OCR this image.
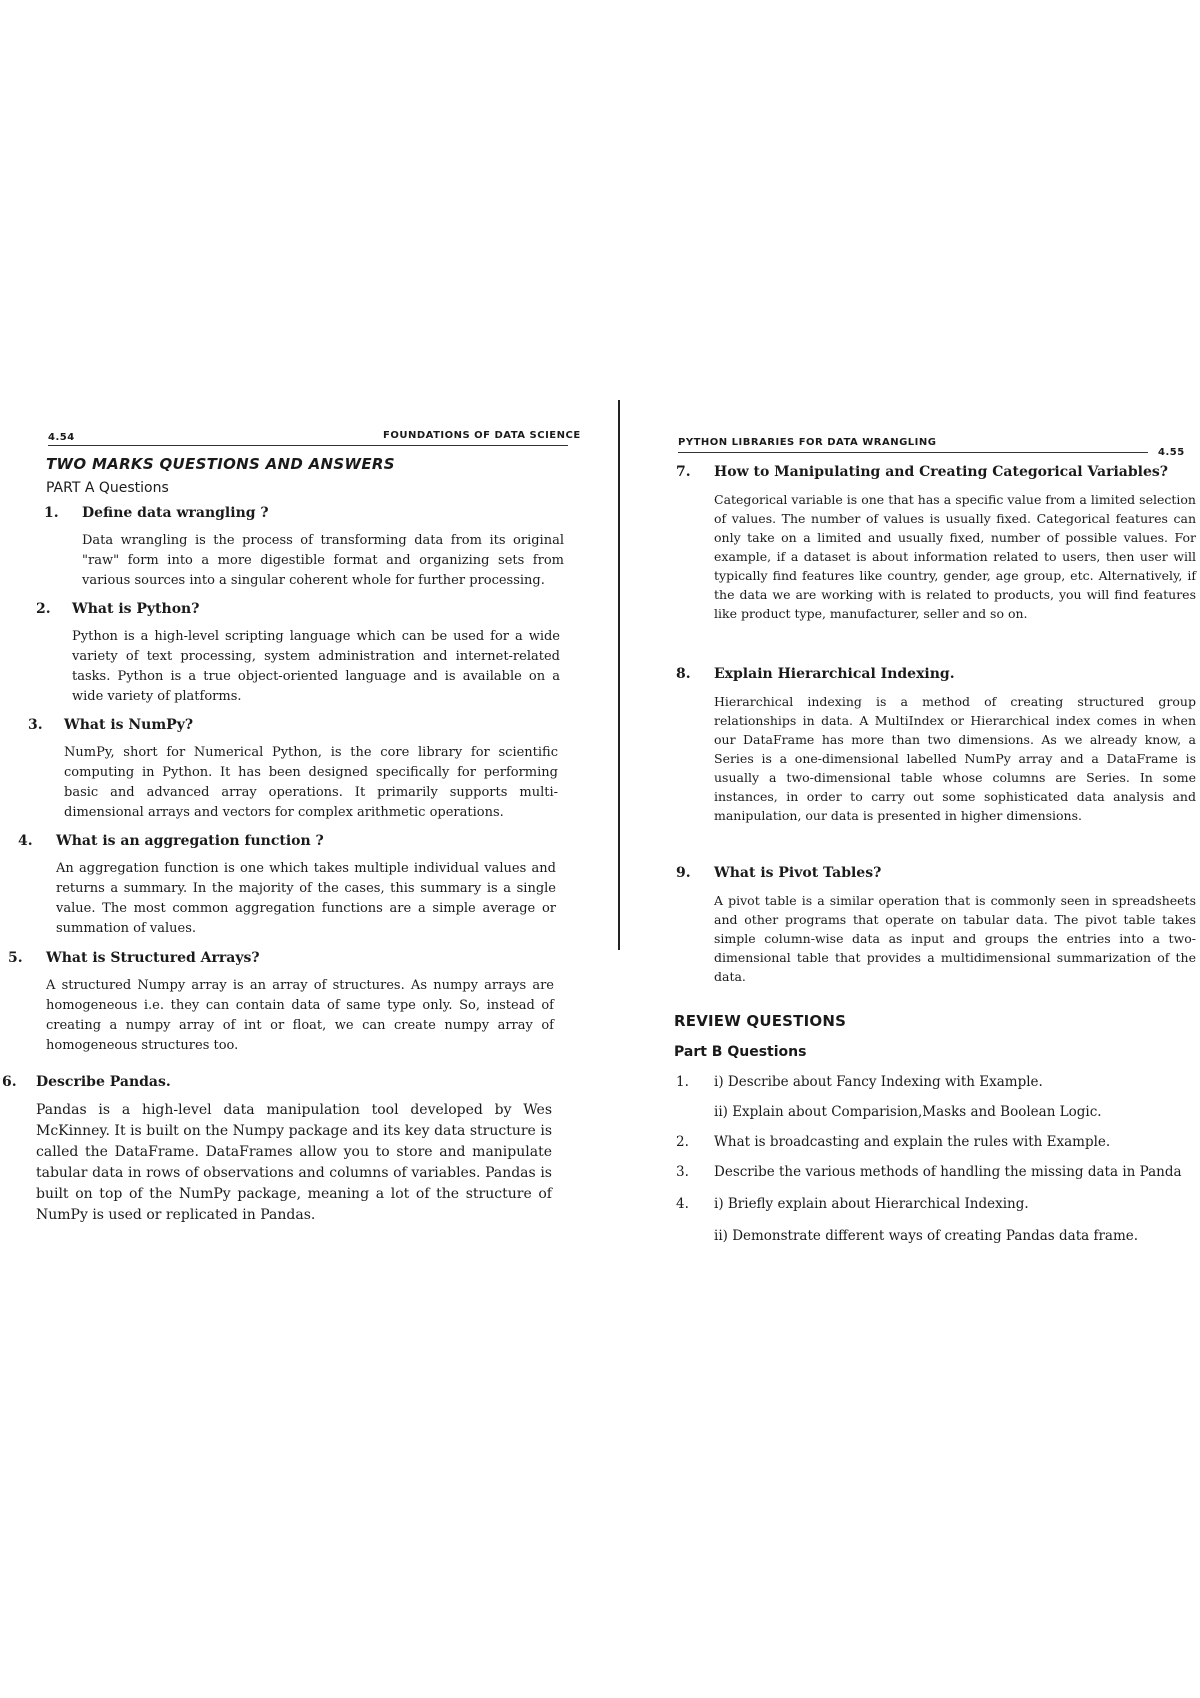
4.54	FOUNDATIONS OF DATA SCIENCE
TWO MARKS QUESTIONS AND ANSWERS
PART A Questions
1. Define data wrangling ?
Data wrangling is the process of transforming data from its original "raw" form into a more digestible format and organizing sets from various sources into a singular coherent whole for further processing.
2. What is Python?
Python is a high-level scripting language which can be used for a wide variety of text processing, system administration and internet-related tasks. Python is a true object-oriented language and is available on a wide variety of platforms.
3. What is NumPy?
NumPy, short for Numerical Python, is the core library for scientific computing in Python. It has been designed specifically for performing basic and advanced array operations. It primarily supports multi-dimensional arrays and vectors for complex arithmetic operations.
4. What is an aggregation function ?
An aggregation function is one which takes multiple individual values and returns a summary. In the majority of the cases, this summary is a single value. The most common aggregation functions are a simple average or summation of values.
5. What is Structured Arrays?
A structured Numpy array is an array of structures. As numpy arrays are homogeneous i.e. they can contain data of same type only. So, instead of creating a numpy array of int or float, we can create numpy array of homogeneous structures too.
6. Describe Pandas.
Pandas is a high-level data manipulation tool developed by Wes McKinney. It is built on the Numpy package and its key data structure is called the DataFrame. DataFrames allow you to store and manipulate tabular data in rows of observations and columns of variables. Pandas is built on top of the NumPy package, meaning a lot of the structure of NumPy is used or replicated in Pandas.
PYTHON LIBRARIES FOR DATA WRANGLING
4.55
7. How to Manipulating and Creating Categorical Variables?
Categorical variable is one that has a specific value from a limited selection of values. The number of values is usually fixed. Categorical features can only take on a limited and usually fixed, number of possible values. For example, if a dataset is about information related to users, then user will typically find features like country, gender, age group, etc. Alternatively, if the data we are working with is related to products, you will find features like product type, manufacturer, seller and so on.
8. Explain Hierarchical Indexing.
Hierarchical indexing is a method of creating structured group relationships in data. A MultiIndex or Hierarchical index comes in when our DataFrame has more than two dimensions. As we already know, a Series is a one-dimensional labelled NumPy array and a DataFrame is usually a two-dimensional table whose columns are Series. In some instances, in order to carry out some sophisticated data analysis and manipulation, our data is presented in higher dimensions.
9. What is Pivot Tables?
A pivot table is a similar operation that is commonly seen in spreadsheets and other programs that operate on tabular data. The pivot table takes simple column-wise data as input and groups the entries into a two-dimensional table that provides a multidimensional summarization of the data.
REVIEW QUESTIONS
Part B Questions
1. i) Describe about Fancy Indexing with Example.
ii) Explain about Comparision,Masks and Boolean Logic.
2. What is broadcasting and explain the rules with Example.
3. Describe the various methods of handling the missing data in Panda
4. i) Briefly explain about Hierarchical Indexing.
ii) Demonstrate different ways of creating Pandas data frame.
